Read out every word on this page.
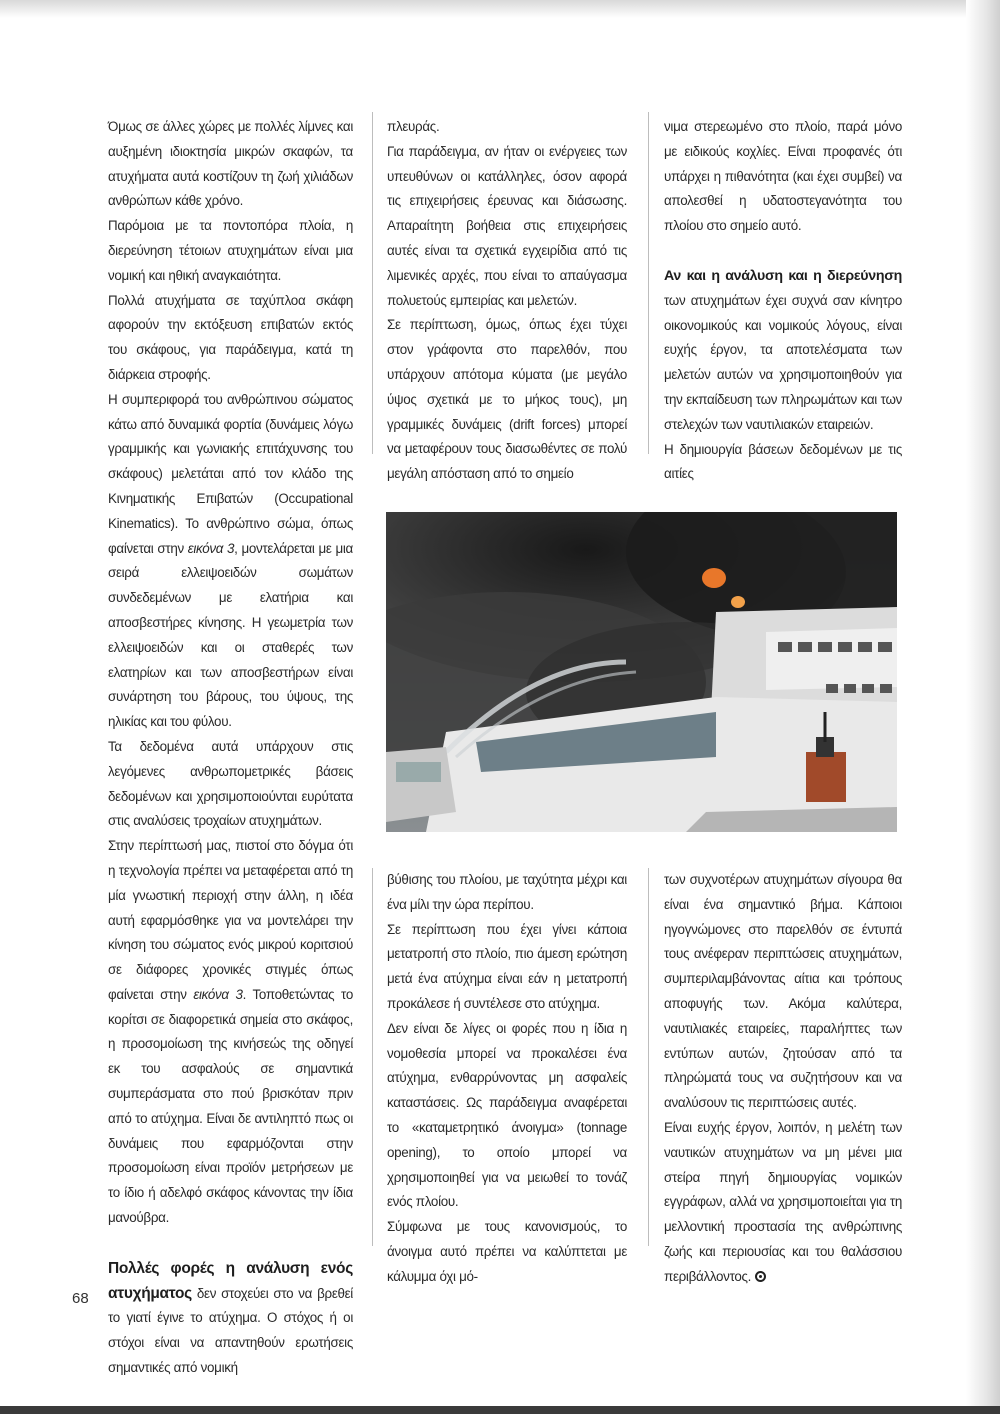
Όμως σε άλλες χώρες με πολλές λίμνες και αυξημένη ιδιοκτησία μικρών σκαφών, τα ατυχήματα αυτά κοστίζουν τη ζωή χιλιάδων ανθρώπων κάθε χρόνο.

Παρόμοια με τα ποντοπόρα πλοία, η διερεύνηση τέτοιων ατυχημάτων είναι μια νομική και ηθική αναγκαιότητα.

Πολλά ατυχήματα σε ταχύπλοα σκάφη αφορούν την εκτόξευση επιβατών εκτός του σκάφους, για παράδειγμα, κατά τη διάρκεια στροφής.

Η συμπεριφορά του ανθρώπινου σώματος κάτω από δυναμικά φορτία (δυνάμεις λόγω γραμμικής και γωνιακής επιτάχυνσης του σκάφους) μελετάται από τον κλάδο της Κινηματικής Επιβατών (Occupational Kinematics). Το ανθρώπινο σώμα, όπως φαίνεται στην εικόνα 3, μοντελάρεται με μια σειρά ελλειψοειδών σωμάτων συνδεδεμένων με ελατήρια και αποσβεστήρες κίνησης. Η γεωμετρία των ελλειψοειδών και οι σταθερές των ελατηρίων και των αποσβεστήρων είναι συνάρτηση του βάρους, του ύψους, της ηλικίας και του φύλου.

Τα δεδομένα αυτά υπάρχουν στις λεγόμενες ανθρωπομετρικές βάσεις δεδομένων και χρησιμοποιούνται ευρύτατα στις αναλύσεις τροχαίων ατυχημάτων.

Στην περίπτωσή μας, πιστοί στο δόγμα ότι η τεχνολογία πρέπει να μεταφέρεται από τη μία γνωστική περιοχή στην άλλη, η ιδέα αυτή εφαρμόσθηκε για να μοντελάρει την κίνηση του σώματος ενός μικρού κοριτσιού σε διάφορες χρονικές στιγμές όπως φαίνεται στην εικόνα 3. Τοποθετώντας το κορίτσι σε διαφορετικά σημεία στο σκάφος, η προσομοίωση της κινήσεώς της οδηγεί εκ του ασφαλούς σε σημαντικά συμπεράσματα στο πού βρισκόταν πριν από το ατύχημα. Είναι δε αντιληπτό πως οι δυνάμεις που εφαρμόζονται στην προσομοίωση είναι προϊόν μετρήσεων με το ίδιο ή αδελφό σκάφος κάνοντας την ίδια μανούβρα.

Πολλές φορές η ανάλυση ενός ατυχήματος δεν στοχεύει στο να βρεθεί το γιατί έγινε το ατύχημα. Ο στόχος ή οι στόχοι είναι να απαντηθούν ερωτήσεις σημαντικές από νομική

πλευράς.

Για παράδειγμα, αν ήταν οι ενέργειες των υπευθύνων οι κατάλληλες, όσον αφορά τις επιχειρήσεις έρευνας και διάσωσης. Απαραίτητη βοήθεια στις επιχειρήσεις αυτές είναι τα σχετικά εγχειρίδια από τις λιμενικές αρχές, που είναι το απαύγασμα πολυετούς εμπειρίας και μελετών.

Σε περίπτωση, όμως, όπως έχει τύχει στον γράφοντα στο παρελθόν, που υπάρχουν απότομα κύματα (με μεγάλο ύψος σχετικά με το μήκος τους), μη γραμμικές δυνάμεις (drift forces) μπορεί να μεταφέρουν τους διασωθέντες σε πολύ μεγάλη απόσταση από το σημείο

νιμα στερεωμένο στο πλοίο, παρά μόνο με ειδικούς κοχλίες. Είναι προφανές ότι υπάρχει η πιθανότητα (και έχει συμβεί) να απολεσθεί η υδατοστεγανότητα του πλοίου στο σημείο αυτό.

Αν και η ανάλυση και η διερεύνηση των ατυχημάτων έχει συχνά σαν κίνητρο οικονομικούς και νομικούς λόγους, είναι ευχής έργον, τα αποτελέσματα των μελετών αυτών να χρησιμοποιηθούν για την εκπαίδευση των πληρωμάτων και των στελεχών των ναυτιλιακών εταιρειών.

Η δημιουργία βάσεων δεδομένων με τις αιτίες

βύθισης του πλοίου, με ταχύτητα μέχρι και ένα μίλι την ώρα περίπου.

Σε περίπτωση που έχει γίνει κάποια μετατροπή στο πλοίο, πιο άμεση ερώτηση μετά ένα ατύχημα είναι εάν η μετατροπή προκάλεσε ή συντέλεσε στο ατύχημα.

Δεν είναι δε λίγες οι φορές που η ίδια η νομοθεσία μπορεί να προκαλέσει ένα ατύχημα, ενθαρρύνοντας μη ασφαλείς καταστάσεις. Ως παράδειγμα αναφέρεται το «καταμετρητικό άνοιγμα» (tonnage opening), το οποίο μπορεί να χρησιμοποιηθεί για να μειωθεί το τονάζ ενός πλοίου.

Σύμφωνα με τους κανονισμούς, το άνοιγμα αυτό πρέπει να καλύπτεται με κάλυμμα όχι μό-

των συχνοτέρων ατυχημάτων σίγουρα θα είναι ένα σημαντικό βήμα. Κάποιοι ηγογνώμονες στο παρελθόν σε έντυπά τους ανέφεραν περιπτώσεις ατυχημάτων, συμπεριλαμβάνοντας αίτια και τρόπους αποφυγής των. Ακόμα καλύτερα, ναυτιλιακές εταιρείες, παραλήπτες των εντύπων αυτών, ζητούσαν από τα πληρώματά τους να συζητήσουν και να αναλύσουν τις περιπτώσεις αυτές.

Είναι ευχής έργον, λοιπόν, η μελέτη των ναυτικών ατυχημάτων να μη μένει μια στείρα πηγή δημιουργίας νομικών εγγράφων, αλλά να χρησιμοποιείται για τη μελλοντική προστασία της ανθρώπινης ζωής και περιουσίας και του θαλάσσιου περιβάλλοντος.

68
